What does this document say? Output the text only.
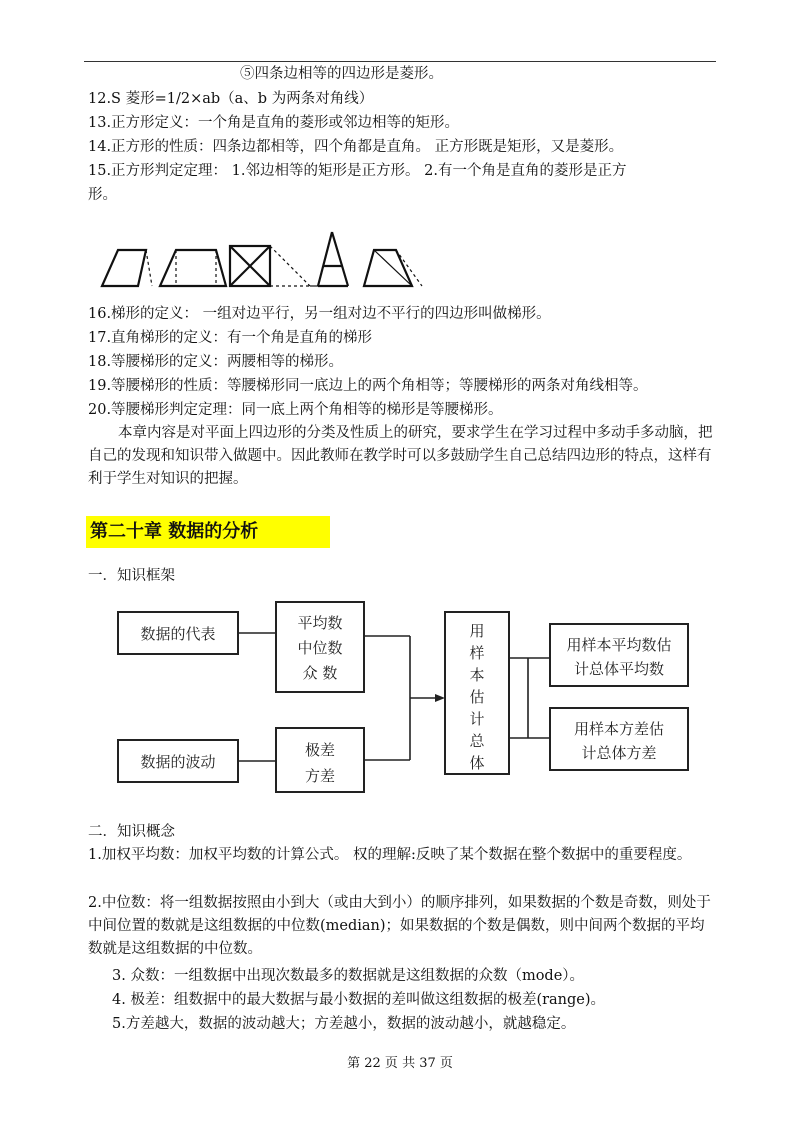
⑤四条边相等的四边形是菱形。
12.S 菱形=1/2×ab（a、b 为两条对角线）
13.正方形定义：一个角是直角的菱形或邻边相等的矩形。
14.正方形的性质：四条边都相等，四个角都是直角。 正方形既是矩形，又是菱形。
15.正方形判定定理： 1.邻边相等的矩形是正方形。 2.有一个角是直角的菱形是正方
形。
16.梯形的定义： 一组对边平行，另一组对边不平行的四边形叫做梯形。
17.直角梯形的定义：有一个角是直角的梯形
18.等腰梯形的定义：两腰相等的梯形。
19.等腰梯形的性质：等腰梯形同一底边上的两个角相等；等腰梯形的两条对角线相等。
20.等腰梯形判定定理：同一底上两个角相等的梯形是等腰梯形。
本章内容是对平面上四边形的分类及性质上的研究，要求学生在学习过程中多动手多动脑，把自己的发现和知识带入做题中。因此教师在教学时可以多鼓励学生自己总结四边形的特点，这样有利于学生对知识的把握。
第二十章 数据的分析
一．知识框架
数据的代表
平均数
中位数
众 数
数据的波动
极差
方差
用
样
本
估
计
总
体
用样本平均数估
计总体平均数
用样本方差估
计总体方差
二．知识概念
1.加权平均数：加权平均数的计算公式。 权的理解:反映了某个数据在整个数据中的重要程度。
2.中位数：将一组数据按照由小到大（或由大到小）的顺序排列，如果数据的个数是奇数，则处于中间位置的数就是这组数据的中位数(median)；如果数据的个数是偶数，则中间两个数据的平均数就是这组数据的中位数。
3. 众数：一组数据中出现次数最多的数据就是这组数据的众数（mode）。
4. 极差：组数据中的最大数据与最小数据的差叫做这组数据的极差(range)。
5.方差越大，数据的波动越大；方差越小，数据的波动越小，就越稳定。
第 22 页 共 37 页
